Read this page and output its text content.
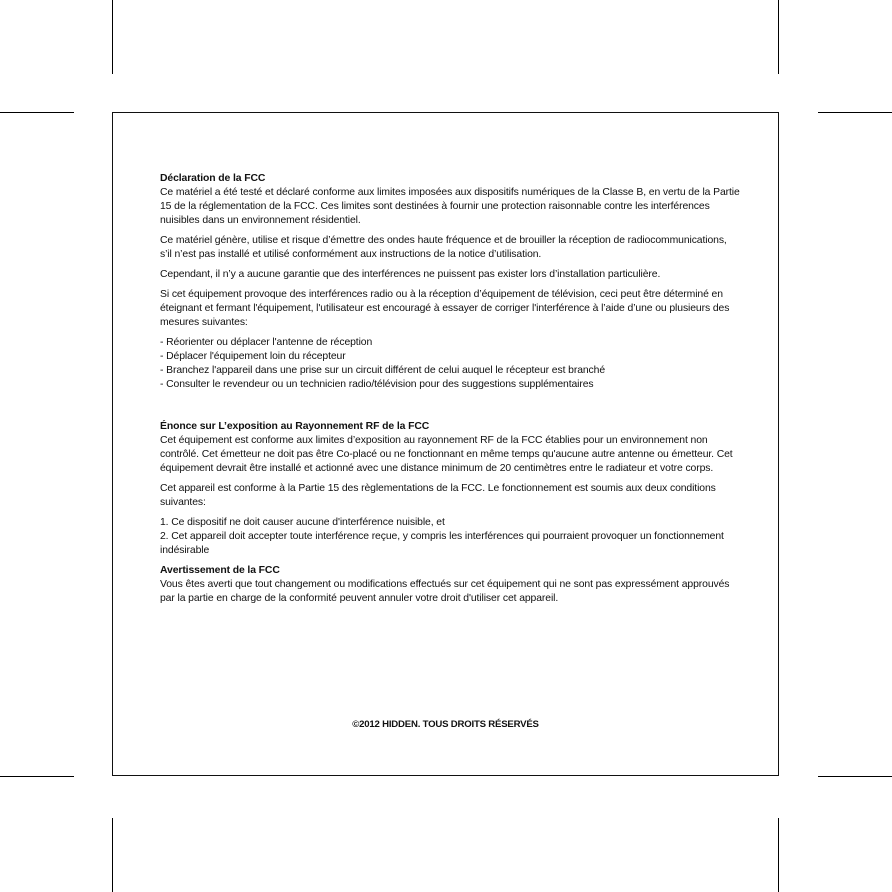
Déclaration de la FCC

Ce matériel a été testé et déclaré conforme aux limites imposées aux dispositifs numériques de la Classe B, en vertu de la Partie 15 de la réglementation de la FCC. Ces limites sont destinées à fournir une protection raisonnable contre les interférences nuisibles dans un environnement résidentiel.

Ce matériel génère, utilise et risque d’émettre des ondes haute fréquence et de brouiller la réception de radiocommunications, s’il n’est pas installé et utilisé conformément aux instructions de la notice d’utilisation.

Cependant, il n’y a aucune garantie que des interférences ne puissent pas exister lors d’installation particulière.

Si cet équipement provoque des interférences radio ou à la réception d’équipement de télévision, ceci peut être déterminé en éteignant et fermant l'équipement, l'utilisateur est encouragé à essayer de corriger l'interférence à l’aide d’une ou plusieurs des mesures suivantes:

- Réorienter ou déplacer l'antenne de réception
- Déplacer l'équipement loin du récepteur
- Branchez l'appareil dans une prise sur un circuit différent de celui auquel le récepteur est branché
- Consulter le revendeur ou un technicien radio/télévision pour des suggestions supplémentaires
Énonce sur L’exposition au Rayonnement RF de la FCC

Cet équipement est conforme aux limites d’exposition au rayonnement RF de la FCC établies pour un environnement non contrôlé. Cet émetteur ne doit pas être Co-placé ou ne fonctionnant en même temps qu'aucune autre antenne ou émetteur. Cet équipement devrait être installé et actionné avec une distance minimum de 20 centimètres entre le radiateur et votre corps.

Cet appareil est conforme à la Partie 15 des règlementations de la FCC. Le fonctionnement est soumis aux deux conditions suivantes:

1. Ce dispositif ne doit causer aucune d'interférence nuisible, et
2. Cet appareil doit accepter toute interférence reçue, y compris les interférences qui pourraient provoquer un fonctionnement indésirable
Avertissement de la FCC

Vous êtes averti que tout changement ou modifications effectués sur cet équipement qui ne sont pas expressément approuvés par la partie en charge de la conformité peuvent annuler votre droit d'utiliser cet appareil.

©2012 HIDDEN. TOUS DROITS RÉSERVÉS
